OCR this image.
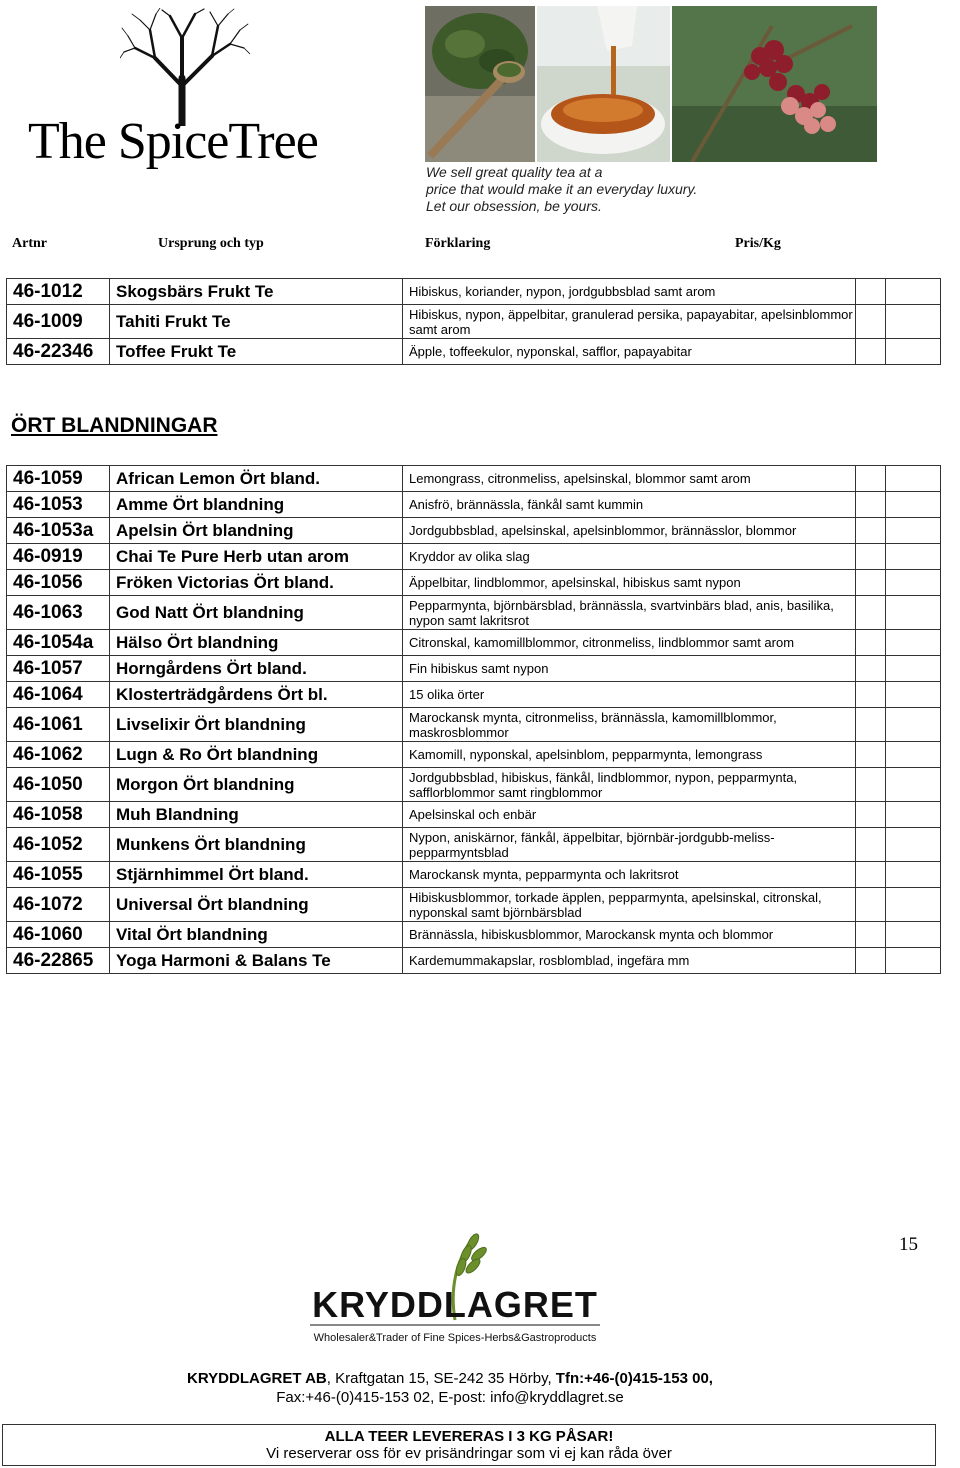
The SpiceTree
We sell great quality tea at a
price that would make it an everyday luxury.
Let our obsession, be yours.
Artnr	Ursprung och typ	Förklaring	Pris/Kg
46-1012	Skogsbärs Frukt Te	Hibiskus, koriander, nypon, jordgubbsblad samt arom		
46-1009	Tahiti Frukt Te	Hibiskus, nypon, äppelbitar, granulerad persika, papayabitar, apelsinblommor samt arom		
46-22346	Toffee Frukt Te	Äpple, toffeekulor, nyponskal, safflor, papayabitar		
ÖRT BLANDNINGAR
46-1059	African Lemon Ört bland.	Lemongrass, citronmeliss, apelsinskal, blommor samt arom		
46-1053	Amme Ört blandning	Anisfrö, brännässla, fänkål samt kummin		
46-1053a	Apelsin Ört blandning	Jordgubbsblad, apelsinskal, apelsinblommor, brännässlor, blommor		
46-0919	Chai Te Pure Herb utan arom	Kryddor av olika slag		
46-1056	Fröken Victorias Ört bland.	Äppelbitar, lindblommor, apelsinskal, hibiskus samt nypon		
46-1063	God Natt Ört blandning	Pepparmynta, björnbärsblad, brännässla, svartvinbärs blad, anis, basilika, nypon samt lakritsrot		
46-1054a	Hälso Ört blandning	Citronskal, kamomillblommor, citronmeliss, lindblommor samt arom		
46-1057	Horngårdens Ört bland.	Fin hibiskus samt nypon		
46-1064	Klosterträdgårdens Ört bl.	15 olika örter		
46-1061	Livselixir Ört blandning	Marockansk mynta, citronmeliss, brännässla, kamomillblommor, maskrosblommor		
46-1062	Lugn & Ro Ört blandning	Kamomill, nyponskal, apelsinblom, pepparmynta, lemongrass		
46-1050	Morgon Ört blandning	Jordgubbsblad, hibiskus, fänkål, lindblommor, nypon, pepparmynta, safflorblommor samt ringblommor		
46-1058	Muh Blandning	Apelsinskal och enbär		
46-1052	Munkens Ört blandning	Nypon, aniskärnor, fänkål, äppelbitar, björnbär-jordgubb-meliss-pepparmyntsblad		
46-1055	Stjärnhimmel Ört bland.	Marockansk mynta, pepparmynta och lakritsrot		
46-1072	Universal Ört blandning	Hibiskusblommor, torkade äpplen, pepparmynta, apelsinskal, citronskal, nyponskal samt björnbärsblad		
46-1060	Vital Ört blandning	Brännässla, hibiskusblommor, Marockansk mynta och blommor		
46-22865	Yoga Harmoni & Balans Te	Kardemummakapslar, rosblomblad, ingefära mm		
15
KRYDDLAGRET
Wholesaler&Trader of Fine Spices-Herbs&Gastroproducts
KRYDDLAGRET AB, Kraftgatan 15, SE-242 35 Hörby, Tfn:+46-(0)415-153 00,
Fax:+46-(0)415-153 02, E-post: info@kryddlagret.se
ALLA TEER LEVERERAS I 3 KG PÅSAR!
Vi reserverar oss för ev prisändringar som vi ej kan råda över
